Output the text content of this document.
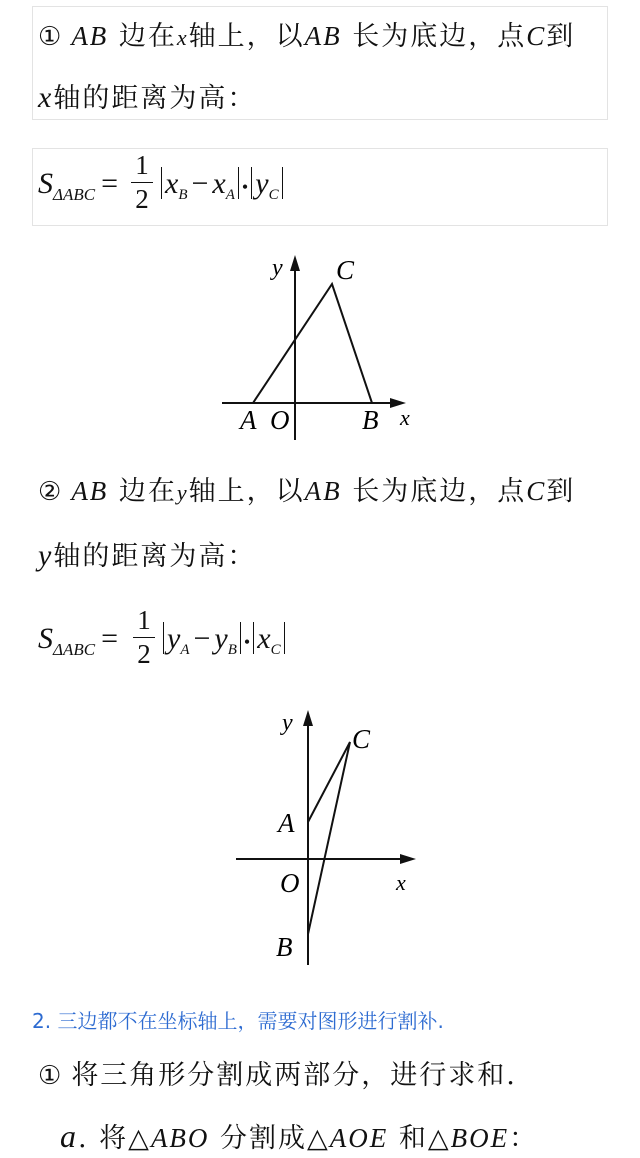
① AB 边在x轴上，以AB 长为底边，点C到
x轴的距离为高：
$S_{\Delta ABC}$ =
1
2 $x_B - x_A$ • $y_C$
y C
A O	B x
② AB 边在y轴上，以AB 长为底边，点C到
y轴的距离为高：
$S_{\Delta ABC}$ =
1
2 $y_A - y_B$ • $x_C$
y
C
A
O	x
B
2. 三边都不在坐标轴上，需要对图形进行割补.
① 将三角形分割成两部分，进行求和.
a. 将△ABO 分割成△AOE 和△BOE：
